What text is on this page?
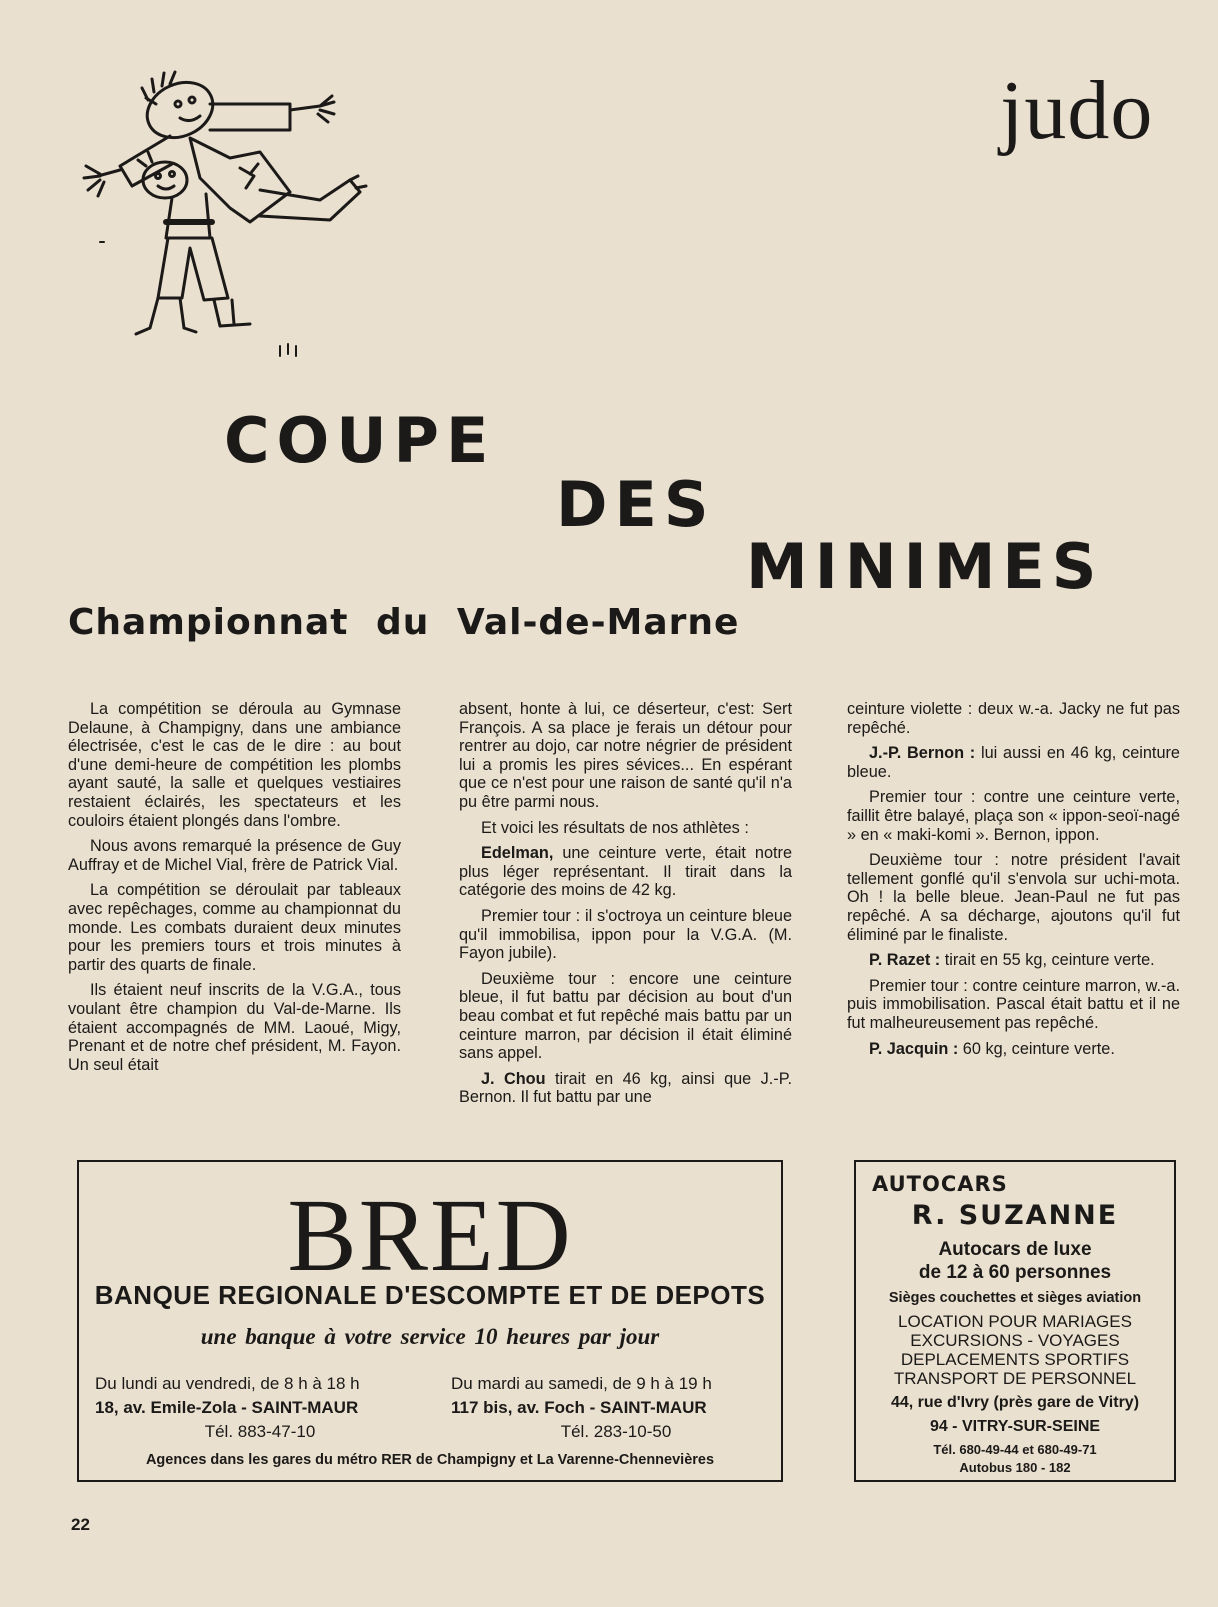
judo
COUPE
DES
MINIMES
Championnat du Val-de-Marne

La compétition se déroula au Gymnase Delaune, à Champigny, dans une ambiance électrisée, c'est le cas de le dire : au bout d'une demi-heure de compétition les plombs ayant sauté, la salle et quelques vestiaires restaient éclairés, les spectateurs et les couloirs étaient plongés dans l'ombre.

Nous avons remarqué la présence de Guy Auffray et de Michel Vial, frère de Patrick Vial.

La compétition se déroulait par tableaux avec repêchages, comme au championnat du monde. Les combats duraient deux minutes pour les premiers tours et trois minutes à partir des quarts de finale.

Ils étaient neuf inscrits de la V.G.A., tous voulant être champion du Val-de-Marne. Ils étaient accompagnés de MM. Laoué, Migy, Prenant et de notre chef président, M. Fayon. Un seul était

absent, honte à lui, ce déserteur, c'est: Sert François. A sa place je ferais un détour pour rentrer au dojo, car notre négrier de président lui a promis les pires sévices... En espérant que ce n'est pour une raison de santé qu'il n'a pu être parmi nous.

Et voici les résultats de nos athlètes :

Edelman, une ceinture verte, était notre plus léger représentant. Il tirait dans la catégorie des moins de 42 kg.

Premier tour : il s'octroya un ceinture bleue qu'il immobilisa, ippon pour la V.G.A. (M. Fayon jubile).

Deuxième tour : encore une ceinture bleue, il fut battu par décision au bout d'un beau combat et fut repêché mais battu par un ceinture marron, par décision il était éliminé sans appel.

J. Chou tirait en 46 kg, ainsi que J.-P. Bernon. Il fut battu par une

ceinture violette : deux w.-a. Jacky ne fut pas repêché.

J.-P. Bernon : lui aussi en 46 kg, ceinture bleue.

Premier tour : contre une ceinture verte, faillit être balayé, plaça son « ippon-seoï-nagé » en « maki-komi ». Bernon, ippon.

Deuxième tour : notre président l'avait tellement gonflé qu'il s'envola sur uchi-mota. Oh ! la belle bleue. Jean-Paul ne fut pas repêché. A sa décharge, ajoutons qu'il fut éliminé par le finaliste.

P. Razet : tirait en 55 kg, ceinture verte.

Premier tour : contre ceinture marron, w.-a. puis immobilisation. Pascal était battu et il ne fut malheureusement pas repêché.

P. Jacquin : 60 kg, ceinture verte.

BRED
BANQUE REGIONALE D'ESCOMPTE ET DE DEPOTS
une banque à votre service 10 heures par jour
Du lundi au vendredi, de 8 h à 18 h
18, av. Emile-Zola - SAINT-MAUR
Tél. 883-47-10
Du mardi au samedi, de 9 h à 19 h
117 bis, av. Foch - SAINT-MAUR
Tél. 283-10-50
Agences dans les gares du métro RER de Champigny et La Varenne-Chennevières
AUTOCARS
R. SUZANNE
Autocars de luxe
de 12 à 60 personnes
Sièges couchettes et sièges aviation
LOCATION POUR MARIAGES
EXCURSIONS - VOYAGES
DEPLACEMENTS SPORTIFS
TRANSPORT DE PERSONNEL
44, rue d'Ivry (près gare de Vitry)
94 - VITRY-SUR-SEINE
Tél. 680-49-44 et 680-49-71
Autobus 180 - 182
22
